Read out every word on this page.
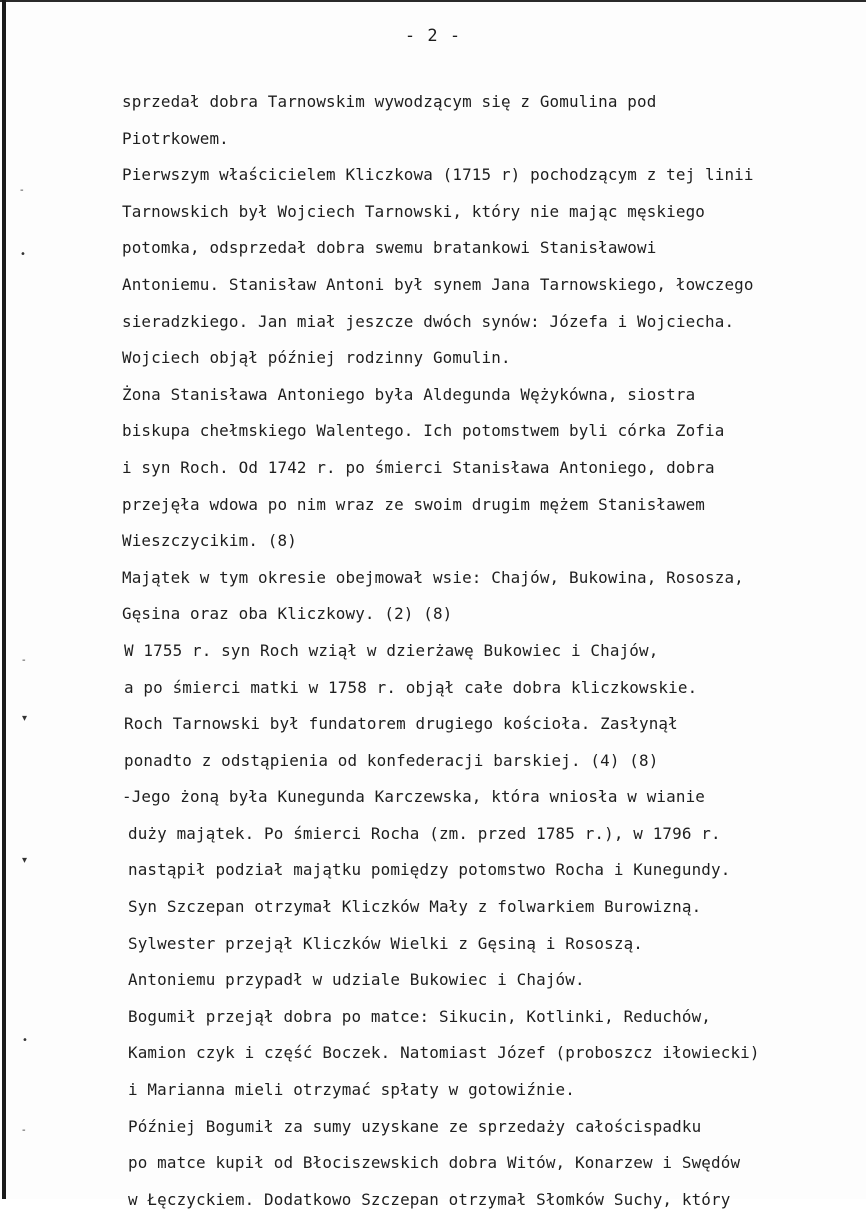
- 2 -
-
•
-
▾
▾
•
-
sprzedał dobra Tarnowskim wywodzącym się z Gomulina pod
Piotrkowem.
Pierwszym właścicielem Kliczkowa (1715 r) pochodzącym z tej linii
Tarnowskich był Wojciech Tarnowski, który nie mając męskiego
potomka, odsprzedał dobra swemu bratankowi Stanisławowi
Antoniemu. Stanisław Antoni był synem Jana Tarnowskiego, łowczego
sieradzkiego. Jan miał jeszcze dwóch synów: Józefa i Wojciecha.
Wojciech objął później rodzinny Gomulin.
Żona Stanisława Antoniego była Aldegunda Wężykówna, siostra
biskupa chełmskiego Walentego. Ich potomstwem byli córka Zofia
i syn Roch. Od 1742 r. po śmierci Stanisława Antoniego, dobra
przejęła wdowa po nim wraz ze swoim drugim mężem Stanisławem
Wieszczycikim. (8)
Majątek w tym okresie obejmował wsie: Chajów, Bukowina, Rososza,
Gęsina oraz oba Kliczkowy. (2) (8)
W 1755 r. syn Roch wziął w dzierżawę Bukowiec i Chajów,
a po śmierci matki w 1758 r. objął całe dobra kliczkowskie.
Roch Tarnowski był fundatorem drugiego kościoła. Zasłynął
ponadto z odstąpienia od konfederacji barskiej. (4) (8)
-Jego żoną była Kunegunda Karczewska, która wniosła w wianie
duży majątek. Po śmierci Rocha (zm. przed 1785 r.), w 1796 r.
nastąpił podział majątku pomiędzy potomstwo Rocha i Kunegundy.
Syn Szczepan otrzymał Kliczków Mały z folwarkiem Burowizną.
Sylwester przejął Kliczków Wielki z Gęsiną i Rososzą.
Antoniemu przypadł w udziale Bukowiec i Chajów.
Bogumił przejął dobra po matce: Sikucin, Kotlinki, Reduchów,
Kamion czyk i część Boczek. Natomiast Józef (proboszcz iłowiecki)
i Marianna mieli otrzymać spłaty w gotowiźnie.
Później Bogumił za sumy uzyskane ze sprzedaży całościspadku
po matce kupił od Błociszewskich dobra Witów, Konarzew i Swędów
w Łęczyckiem. Dodatkowo Szczepan otrzymał Słomków Suchy, który
